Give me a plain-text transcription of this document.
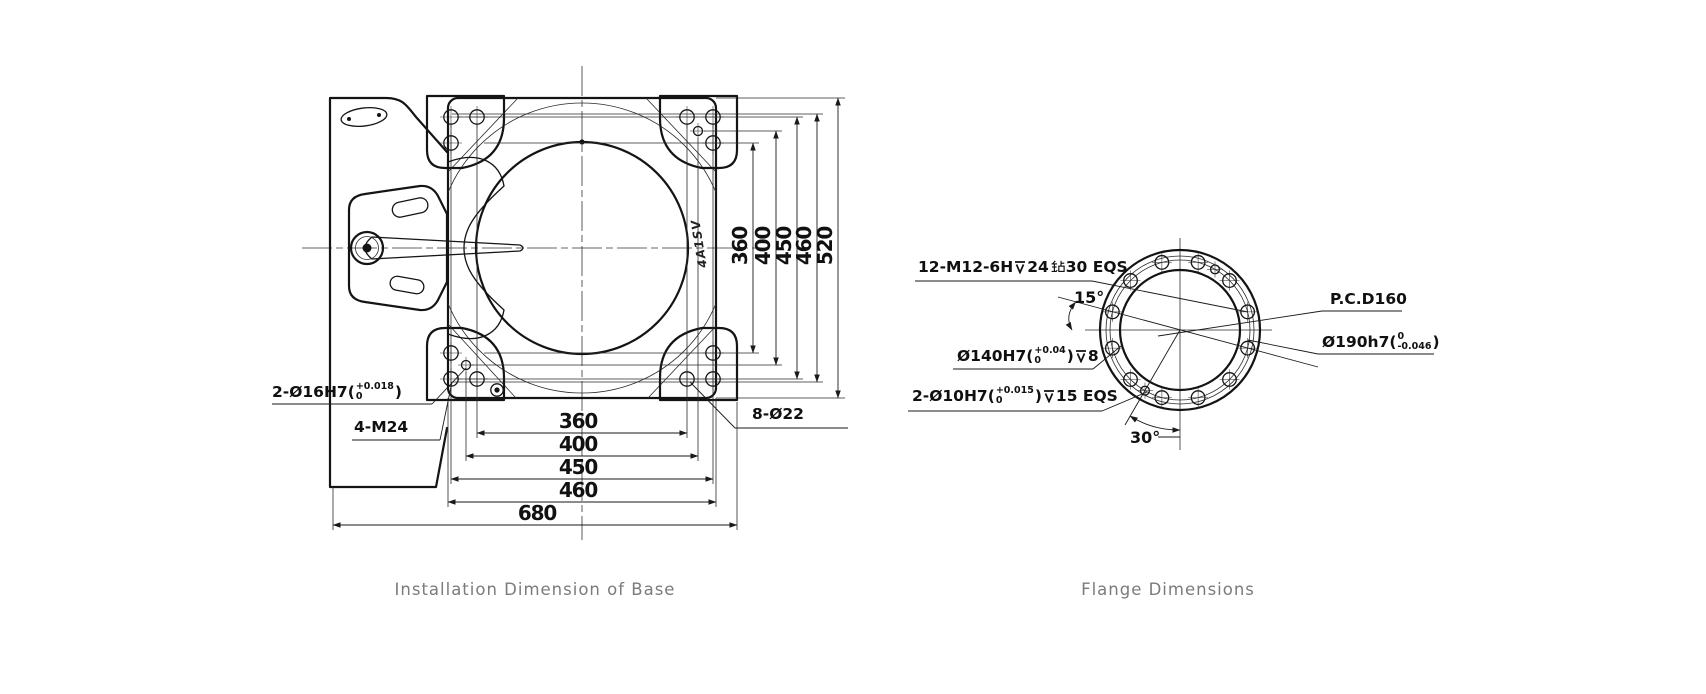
4A1SV 360 400
450
460
520
360
400
450
460
680
2-Ø16H7( +0.018
0	)
4-M24
8-Ø22
12-M12-6H 24 30 EQS
15°	P.C.D160
Ø190h7( 0
-0.046 )
Ø140H7( +0.04
0	) 8
2-Ø10H7( +0.015
0	) 15 EQS
30°
Installation Dimension of Base	Flange Dimensions
